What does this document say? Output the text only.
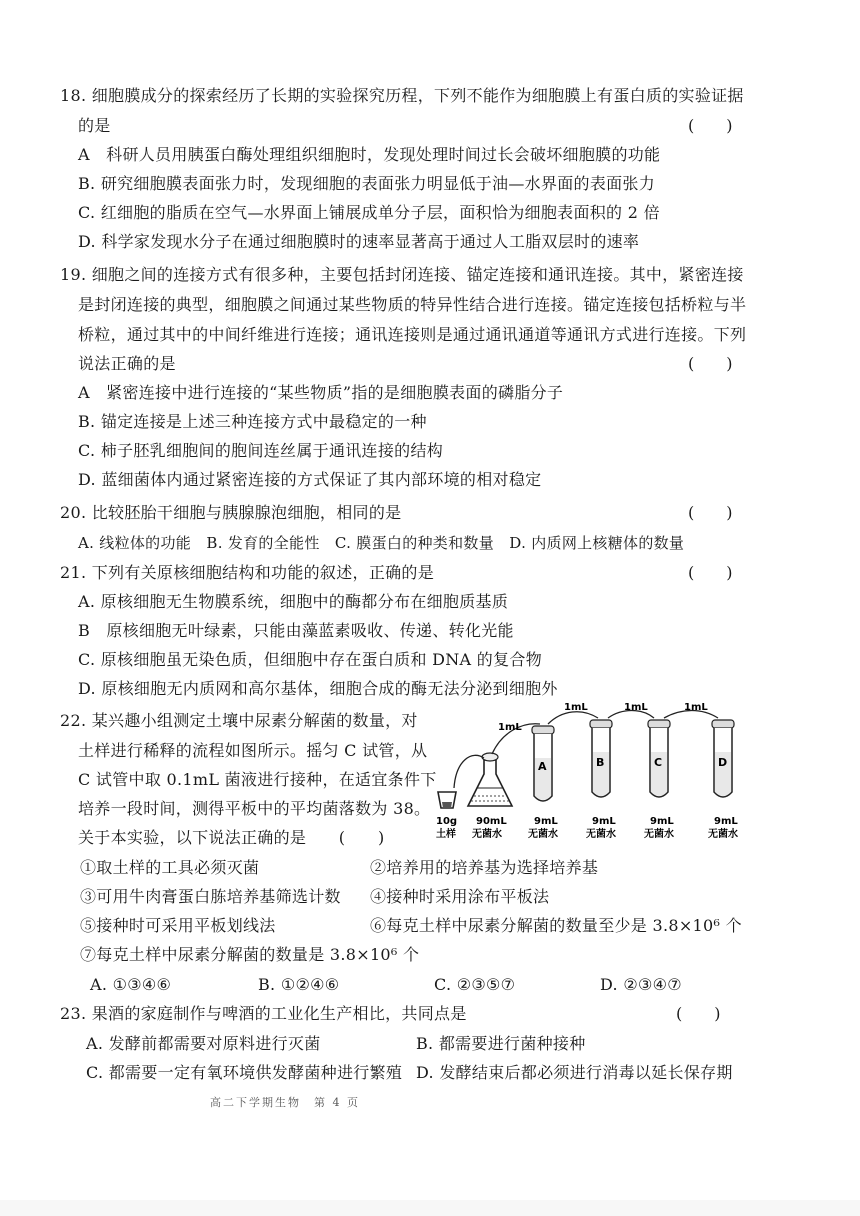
18. 细胞膜成分的探索经历了长期的实验探究历程，下列不能作为细胞膜上有蛋白质的实验证据
的是	(　　)
A　科研人员用胰蛋白酶处理组织细胞时，发现处理时间过长会破坏细胞膜的功能
B. 研究细胞膜表面张力时，发现细胞的表面张力明显低于油—水界面的表面张力
C. 红细胞的脂质在空气—水界面上铺展成单分子层，面积恰为细胞表面积的 2 倍
D. 科学家发现水分子在通过细胞膜时的速率显著高于通过人工脂双层时的速率
19. 细胞之间的连接方式有很多种，主要包括封闭连接、锚定连接和通讯连接。其中，紧密连接
是封闭连接的典型，细胞膜之间通过某些物质的特异性结合进行连接。锚定连接包括桥粒与半
桥粒，通过其中的中间纤维进行连接；通讯连接则是通过通讯通道等通讯方式进行连接。下列
说法正确的是	(　　)
A　紧密连接中进行连接的“某些物质”指的是细胞膜表面的磷脂分子
B. 锚定连接是上述三种连接方式中最稳定的一种
C. 柿子胚乳细胞间的胞间连丝属于通讯连接的结构
D. 蓝细菌体内通过紧密连接的方式保证了其内部环境的相对稳定
20. 比较胚胎干细胞与胰腺腺泡细胞，相同的是	(　　)
A. 线粒体的功能　B. 发育的全能性　C. 膜蛋白的种类和数量　D. 内质网上核糖体的数量
21. 下列有关原核细胞结构和功能的叙述，正确的是	(　　)
A. 原核细胞无生物膜系统，细胞中的酶都分布在细胞质基质
B　原核细胞无叶绿素，只能由藻蓝素吸收、传递、转化光能
C. 原核细胞虽无染色质，但细胞中存在蛋白质和 DNA 的复合物
D. 原核细胞无内质网和高尔基体，细胞合成的酶无法分泌到细胞外
22. 某兴趣小组测定土壤中尿素分解菌的数量，对
土样进行稀释的流程如图所示。摇匀 C 试管，从
C 试管中取 0.1mL 菌液进行接种，在适宜条件下
培养一段时间，测得平板中的平均菌落数为 38。
关于本实验，以下说法正确的是　　(　　)
1mL
1mL	1mL	1mL
A	B	C	D
10g
土样
90mL
无菌水
9mL
无菌水
9mL
无菌水
9mL
无菌水
9mL
无菌水
①取土样的工具必须灭菌	②培养用的培养基为选择培养基
③可用牛肉膏蛋白胨培养基筛选计数 ④接种时采用涂布平板法
⑤接种时可采用平板划线法	⑥每克土样中尿素分解菌的数量至少是 3.8×10⁶ 个
⑦每克土样中尿素分解菌的数量是 3.8×10⁶ 个
A. ①③④⑥	B. ①②④⑥	C. ②③⑤⑦	D. ②③④⑦
23. 果酒的家庭制作与啤酒的工业化生产相比，共同点是	(　　)
A. 发酵前都需要对原料进行灭菌	B. 都需要进行菌种接种
C. 都需要一定有氧环境供发酵菌种进行繁殖 D. 发酵结束后都必须进行消毒以延长保存期
高二下学期生物　第 4 页
